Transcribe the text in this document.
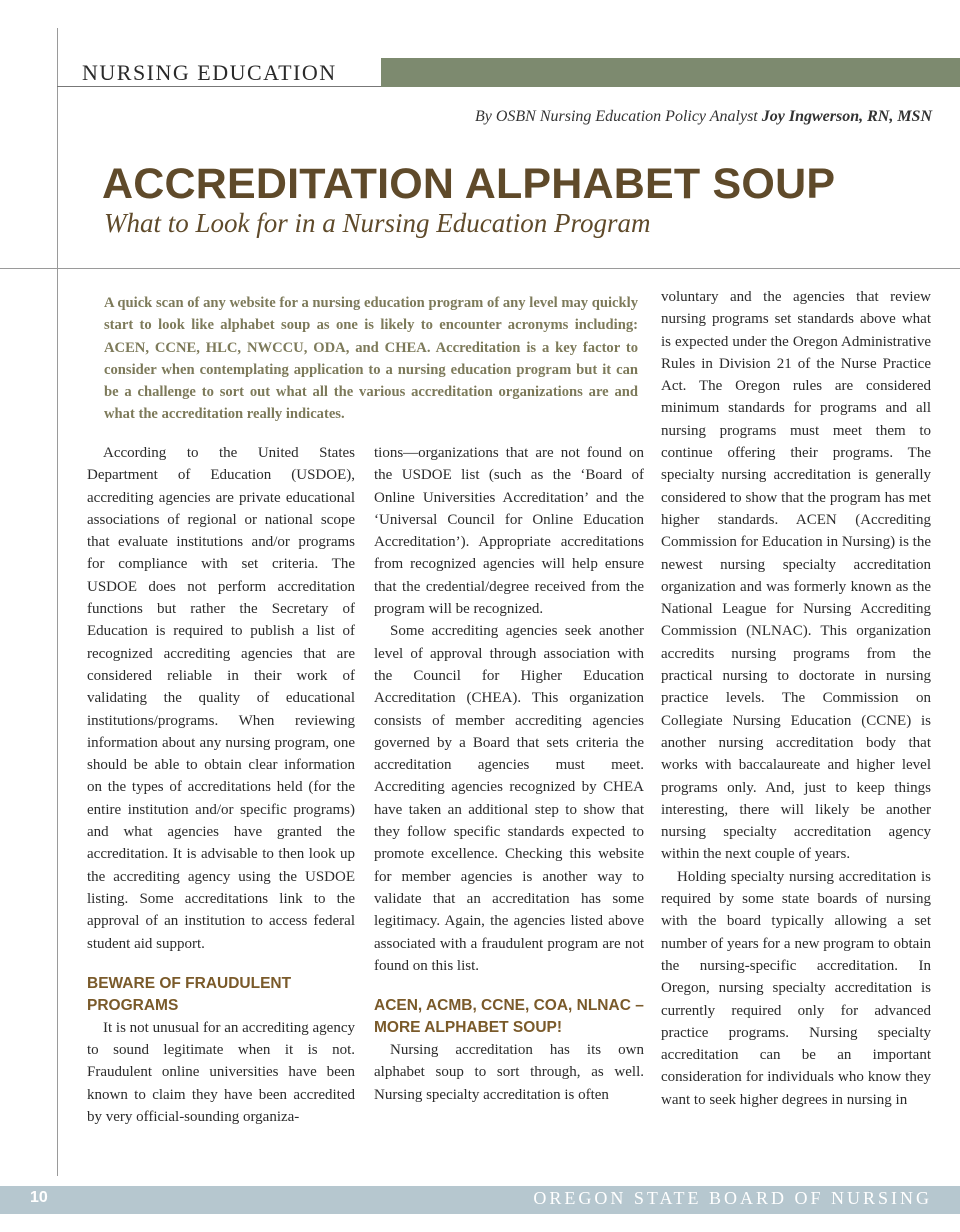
NURSING EDUCATION
By OSBN Nursing Education Policy Analyst Joy Ingwerson, RN, MSN
ACCREDITATION ALPHABET SOUP
What to Look for in a Nursing Education Program
A quick scan of any website for a nursing education program of any level may quickly start to look like alphabet soup as one is likely to encounter acronyms including: ACEN, CCNE, HLC, NWCCU, ODA, and CHEA. Accreditation is a key factor to consider when contemplating application to a nursing education program but it can be a challenge to sort out what all the various accreditation organizations are and what the accreditation really indicates.

According to the United States Department of Education (USDOE), accrediting agencies are private educational associations of regional or national scope that evaluate institutions and/or programs for compliance with set criteria. The USDOE does not perform accreditation functions but rather the Secretary of Education is required to publish a list of recognized accrediting agencies that are considered reliable in their work of validating the quality of educational institutions/programs. When reviewing information about any nursing program, one should be able to obtain clear information on the types of accreditations held (for the entire institution and/or specific programs) and what agencies have granted the accreditation. It is advisable to then look up the accrediting agency using the USDOE listing. Some accreditations link to the approval of an institution to access federal student aid support.

BEWARE OF FRAUDULENT PROGRAMS

It is not unusual for an accrediting agency to sound legitimate when it is not. Fraudulent online universities have been known to claim they have been accredited by very official-sounding organiza-

tions—organizations that are not found on the USDOE list (such as the ‘Board of Online Universities Accreditation’ and the ‘Universal Council for Online Education Accreditation’). Appropriate accreditations from recognized agencies will help ensure that the credential/degree received from the program will be recognized.

Some accrediting agencies seek another level of approval through association with the Council for Higher Education Accreditation (CHEA). This organization consists of member accrediting agencies governed by a Board that sets criteria the accreditation agencies must meet. Accrediting agencies recognized by CHEA have taken an additional step to show that they follow specific standards expected to promote excellence. Checking this website for member agencies is another way to validate that an accreditation has some legitimacy. Again, the agencies listed above associated with a fraudulent program are not found on this list.

ACEN, ACMB, CCNE, COA, NLNAC – MORE ALPHABET SOUP!

Nursing accreditation has its own alphabet soup to sort through, as well. Nursing specialty accreditation is often

voluntary and the agencies that review nursing programs set standards above what is expected under the Oregon Administrative Rules in Division 21 of the Nurse Practice Act. The Oregon rules are considered minimum standards for programs and all nursing programs must meet them to continue offering their programs. The specialty nursing accreditation is generally considered to show that the program has met higher standards. ACEN (Accrediting Commission for Education in Nursing) is the newest nursing specialty accreditation organization and was formerly known as the National League for Nursing Accrediting Commission (NLNAC). This organization accredits nursing programs from the practical nursing to doctorate in nursing practice levels. The Commission on Collegiate Nursing Education (CCNE) is another nursing accreditation body that works with baccalaureate and higher level programs only. And, just to keep things interesting, there will likely be another nursing specialty accreditation agency within the next couple of years.

Holding specialty nursing accreditation is required by some state boards of nursing with the board typically allowing a set number of years for a new program to obtain the nursing-specific accreditation. In Oregon, nursing specialty accreditation is currently required only for advanced practice programs. Nursing specialty accreditation can be an important consideration for individuals who know they want to seek higher degrees in nursing in

10	OREGON STATE BOARD OF NURSING
